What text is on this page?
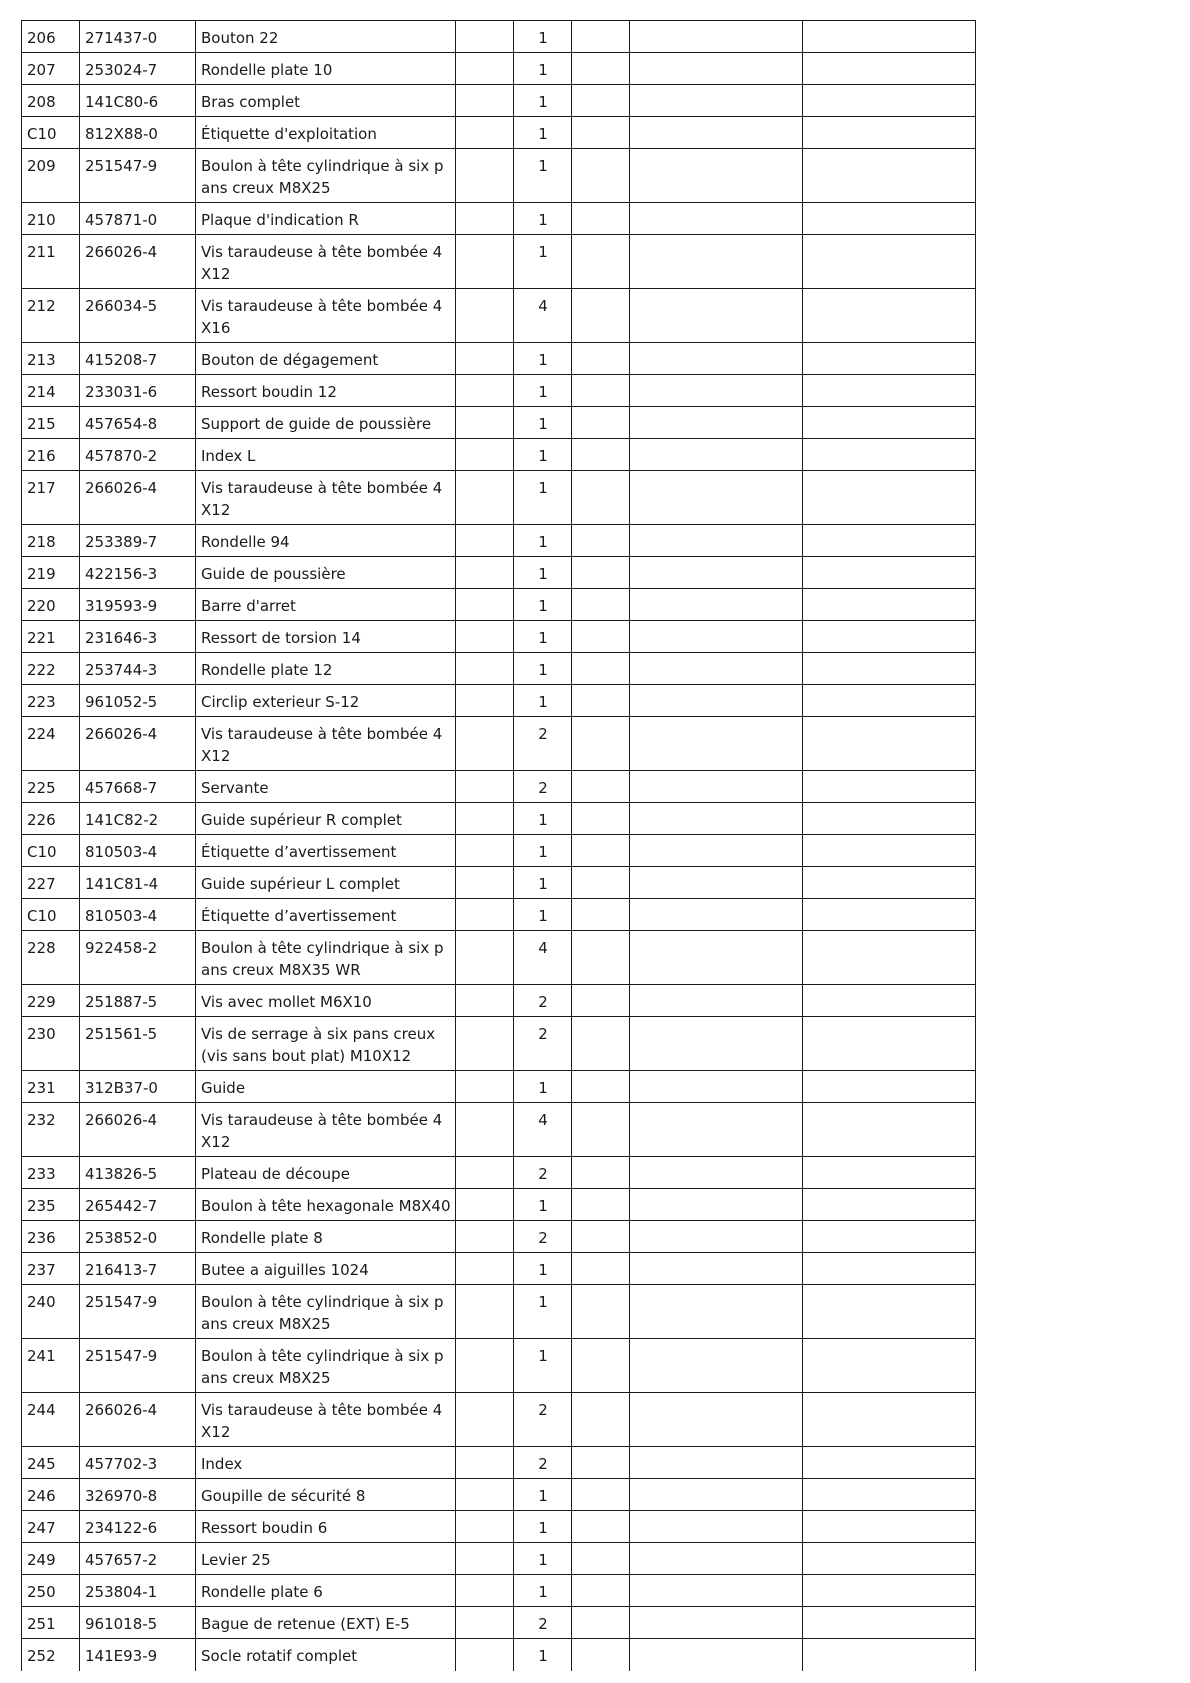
206	271437-0	Bouton 22		1			
207	253024-7	Rondelle plate 10		1			
208	141C80-6	Bras complet		1			
C10	812X88-0	Étiquette d'exploitation		1			
209	251547-9	Boulon à tête cylindrique à six pans creux M8X25		1			
210	457871-0	Plaque d'indication R		1			
211	266026-4	Vis taraudeuse à tête bombée 4X12		1			
212	266034-5	Vis taraudeuse à tête bombée 4X16		4			
213	415208-7	Bouton de dégagement		1			
214	233031-6	Ressort boudin 12		1			
215	457654-8	Support de guide de poussière		1			
216	457870-2	Index L		1			
217	266026-4	Vis taraudeuse à tête bombée 4X12		1			
218	253389-7	Rondelle 94		1			
219	422156-3	Guide de poussière		1			
220	319593-9	Barre d'arret		1			
221	231646-3	Ressort de torsion 14		1			
222	253744-3	Rondelle plate 12		1			
223	961052-5	Circlip exterieur S-12		1			
224	266026-4	Vis taraudeuse à tête bombée 4X12		2			
225	457668-7	Servante		2			
226	141C82-2	Guide supérieur R complet		1			
C10	810503-4	Étiquette d’avertissement		1			
227	141C81-4	Guide supérieur L complet		1			
C10	810503-4	Étiquette d’avertissement		1			
228	922458-2	Boulon à tête cylindrique à six pans creux M8X35 WR		4			
229	251887-5	Vis avec mollet M6X10		2			
230	251561-5	Vis de serrage à six pans creux (vis sans bout plat) M10X12		2			
231	312B37-0	Guide		1			
232	266026-4	Vis taraudeuse à tête bombée 4X12		4			
233	413826-5	Plateau de découpe		2			
235	265442-7	Boulon à tête hexagonale M8X40		1			
236	253852-0	Rondelle plate 8		2			
237	216413-7	Butee a aiguilles 1024		1			
240	251547-9	Boulon à tête cylindrique à six pans creux M8X25		1			
241	251547-9	Boulon à tête cylindrique à six pans creux M8X25		1			
244	266026-4	Vis taraudeuse à tête bombée 4X12		2			
245	457702-3	Index		2			
246	326970-8	Goupille de sécurité 8		1			
247	234122-6	Ressort boudin 6		1			
249	457657-2	Levier 25		1			
250	253804-1	Rondelle plate 6		1			
251	961018-5	Bague de retenue (EXT) E-5		2			
252	141E93-9	Socle rotatif complet		1			
